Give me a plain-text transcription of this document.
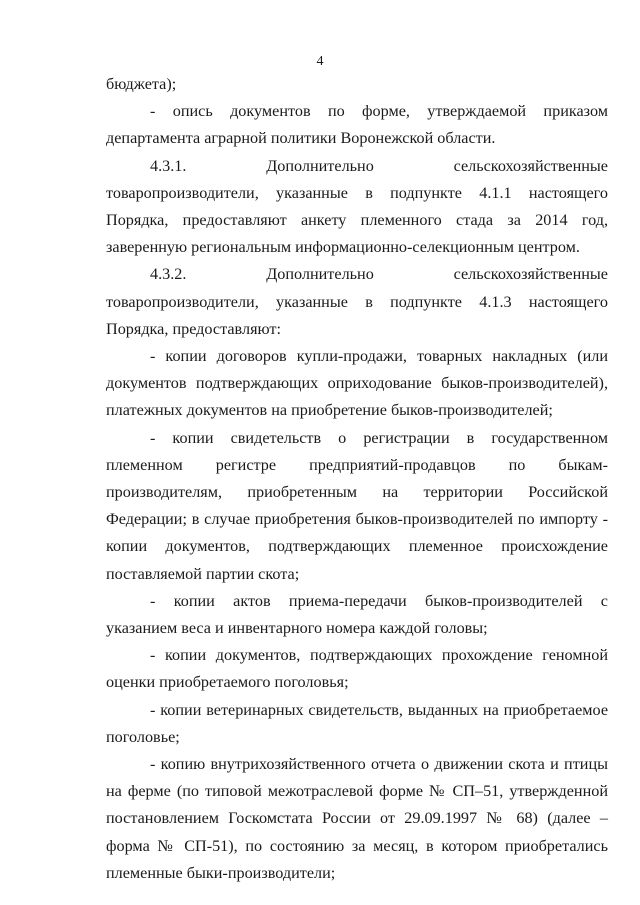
4

бюджета);

- опись документов по форме, утверждаемой приказом департамента аграрной политики Воронежской области.

4.3.1. Дополнительно сельскохозяйственные товаропроизводители, указанные в подпункте 4.1.1 настоящего Порядка, предоставляют анкету племенного стада за 2014 год, заверенную региональным информационно-селекционным центром.

4.3.2. Дополнительно сельскохозяйственные товаропроизводители, указанные в подпункте 4.1.3 настоящего Порядка, предоставляют:

- копии договоров купли-продажи, товарных накладных (или документов подтверждающих оприходование быков-производителей), платежных документов на приобретение быков-производителей;

- копии свидетельств о регистрации в государственном племенном регистре предприятий-продавцов по быкам-производителям, приобретенным на территории Российской Федерации; в случае приобретения быков-производителей по импорту - копии документов, подтверждающих племенное происхождение поставляемой партии скота;

- копии актов приема-передачи быков-производителей с указанием веса и инвентарного номера каждой головы;

- копии документов, подтверждающих прохождение геномной оценки приобретаемого поголовья;

- копии ветеринарных свидетельств, выданных на приобретаемое поголовье;

- копию внутрихозяйственного отчета о движении скота и птицы на ферме (по типовой межотраслевой форме № СП–51, утвержденной постановлением Госкомстата России от 29.09.1997 № 68) (далее – форма № СП-51), по состоянию за месяц, в котором приобретались племенные быки-производители;
